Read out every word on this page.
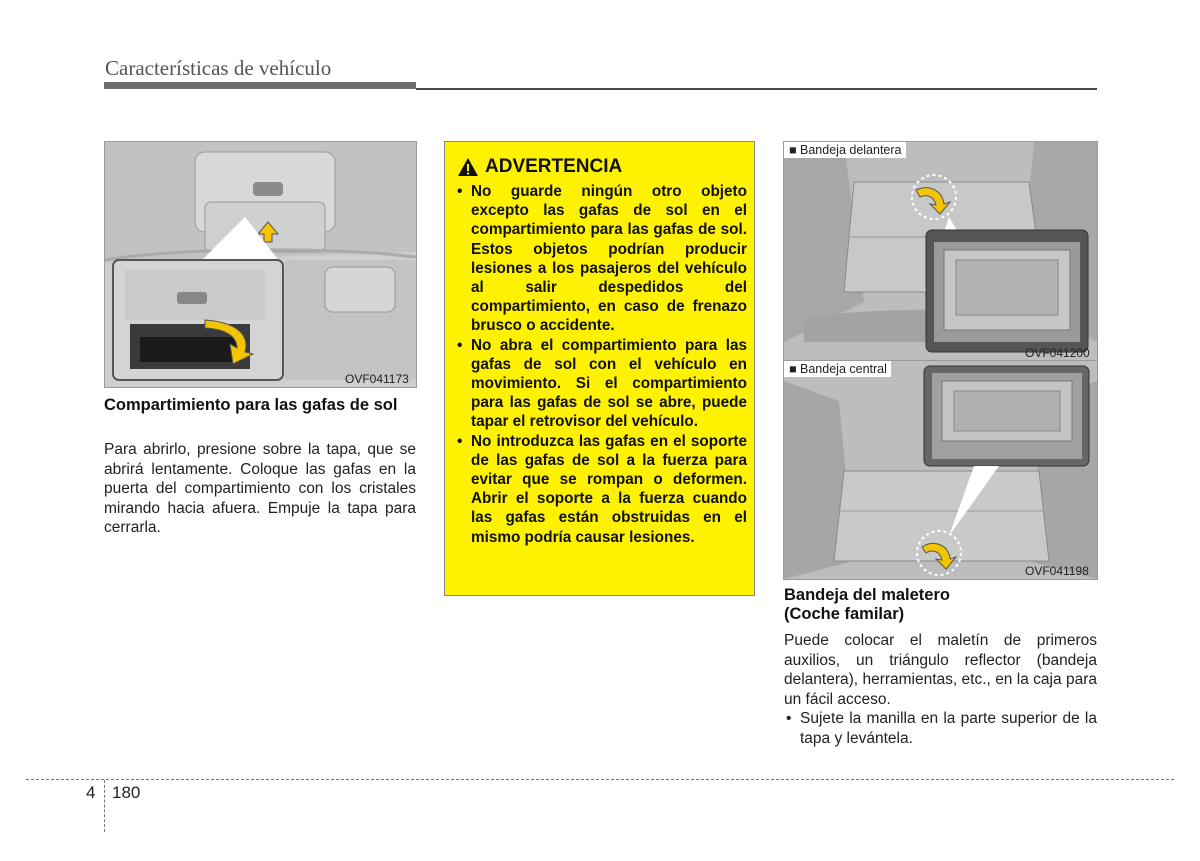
Características de vehículo
OVF041173
Compartimiento para las gafas de sol
Para abrirlo, presione sobre la tapa, que se abrirá lentamente. Coloque las gafas en la puerta del compartimiento con los cristales mirando hacia afuera. Empuje la tapa para cerrarla.
ADVERTENCIA
• No guarde ningún otro objeto excepto las gafas de sol en el compartimiento para las gafas de sol. Estos objetos podrían producir lesiones a los pasajeros del vehículo al salir despedidos del compartimiento, en caso de frenazo brusco o accidente.
• No abra el compartimiento para las gafas de sol con el vehículo en movimiento. Si el compartimiento para las gafas de sol se abre, puede tapar el retrovisor del vehículo.
• No introduzca las gafas en el soporte de las gafas de sol a la fuerza para evitar que se rompan o deformen. Abrir el soporte a la fuerza cuando las gafas están obstruidas en el mismo podría causar lesiones.
■ Bandeja delantera
OVF041200
■ Bandeja central
OVF041198
Bandeja del maletero
(Coche familar)
Puede colocar el maletín de primeros auxilios, un triángulo reflector (bandeja delantera), herramientas, etc., en la caja para un fácil acceso.
• Sujete la manilla en la parte superior de la tapa y levántela.
4 180
